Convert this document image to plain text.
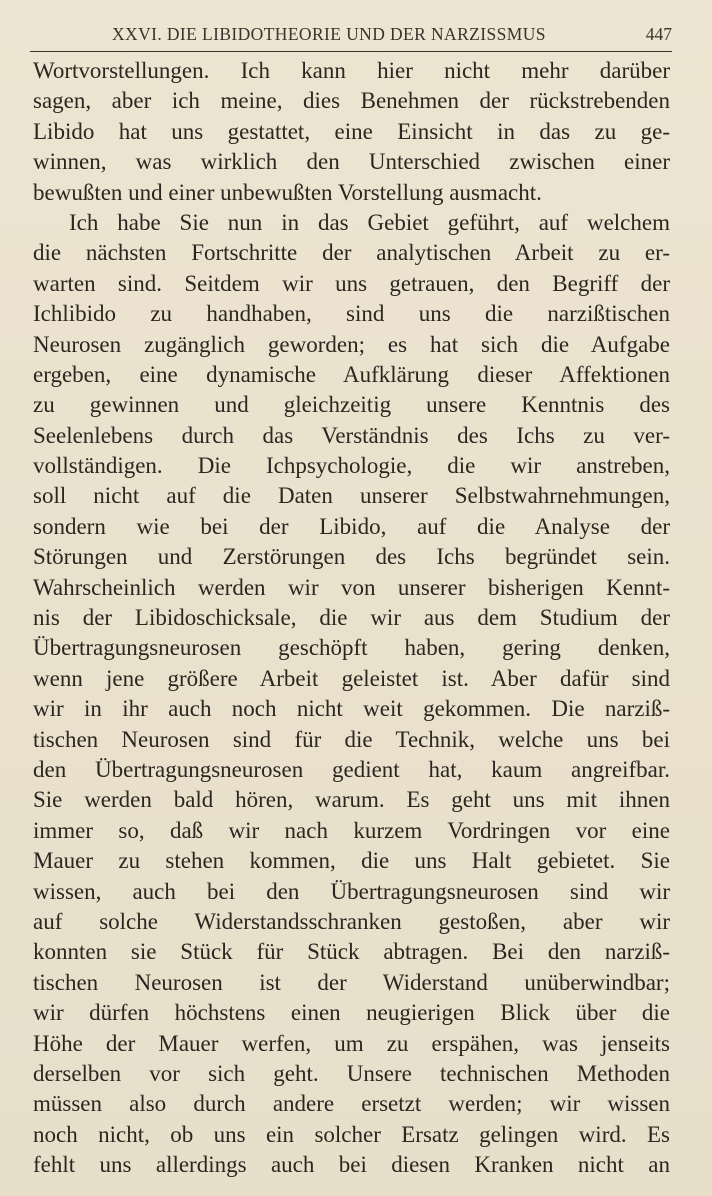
XXVI. DIE LIBIDOTHEORIE UND DER NARZISSMUS	447
Wortvorstellungen. Ich kann hier nicht mehr darüber
sagen, aber ich meine, dies Benehmen der rückstrebenden
Libido hat uns gestattet, eine Einsicht in das zu ge-
winnen, was wirklich den Unterschied zwischen einer
bewußten und einer unbewußten Vorstellung ausmacht.
Ich habe Sie nun in das Gebiet geführt, auf welchem
die nächsten Fortschritte der analytischen Arbeit zu er-
warten sind. Seitdem wir uns getrauen, den Begriff der
Ichlibido zu handhaben, sind uns die narzißtischen
Neurosen zugänglich geworden; es hat sich die Aufgabe
ergeben, eine dynamische Aufklärung dieser Affektionen
zu gewinnen und gleichzeitig unsere Kenntnis des
Seelenlebens durch das Verständnis des Ichs zu ver-
vollständigen. Die Ichpsychologie, die wir anstreben,
soll nicht auf die Daten unserer Selbstwahrnehmungen,
sondern wie bei der Libido, auf die Analyse der
Störungen und Zerstörungen des Ichs begründet sein.
Wahrscheinlich werden wir von unserer bisherigen Kennt-
nis der Libidoschicksale, die wir aus dem Studium der
Übertragungsneurosen geschöpft haben, gering denken,
wenn jene größere Arbeit geleistet ist. Aber dafür sind
wir in ihr auch noch nicht weit gekommen. Die narziß-
tischen Neurosen sind für die Technik, welche uns bei
den Übertragungsneurosen gedient hat, kaum angreifbar.
Sie werden bald hören, warum. Es geht uns mit ihnen
immer so, daß wir nach kurzem Vordringen vor eine
Mauer zu stehen kommen, die uns Halt gebietet. Sie
wissen, auch bei den Übertragungsneurosen sind wir
auf solche Widerstandsschranken gestoßen, aber wir
konnten sie Stück für Stück abtragen. Bei den narziß-
tischen Neurosen ist der Widerstand unüberwindbar;
wir dürfen höchstens einen neugierigen Blick über die
Höhe der Mauer werfen, um zu erspähen, was jenseits
derselben vor sich geht. Unsere technischen Methoden
müssen also durch andere ersetzt werden; wir wissen
noch nicht, ob uns ein solcher Ersatz gelingen wird. Es
fehlt uns allerdings auch bei diesen Kranken nicht an
